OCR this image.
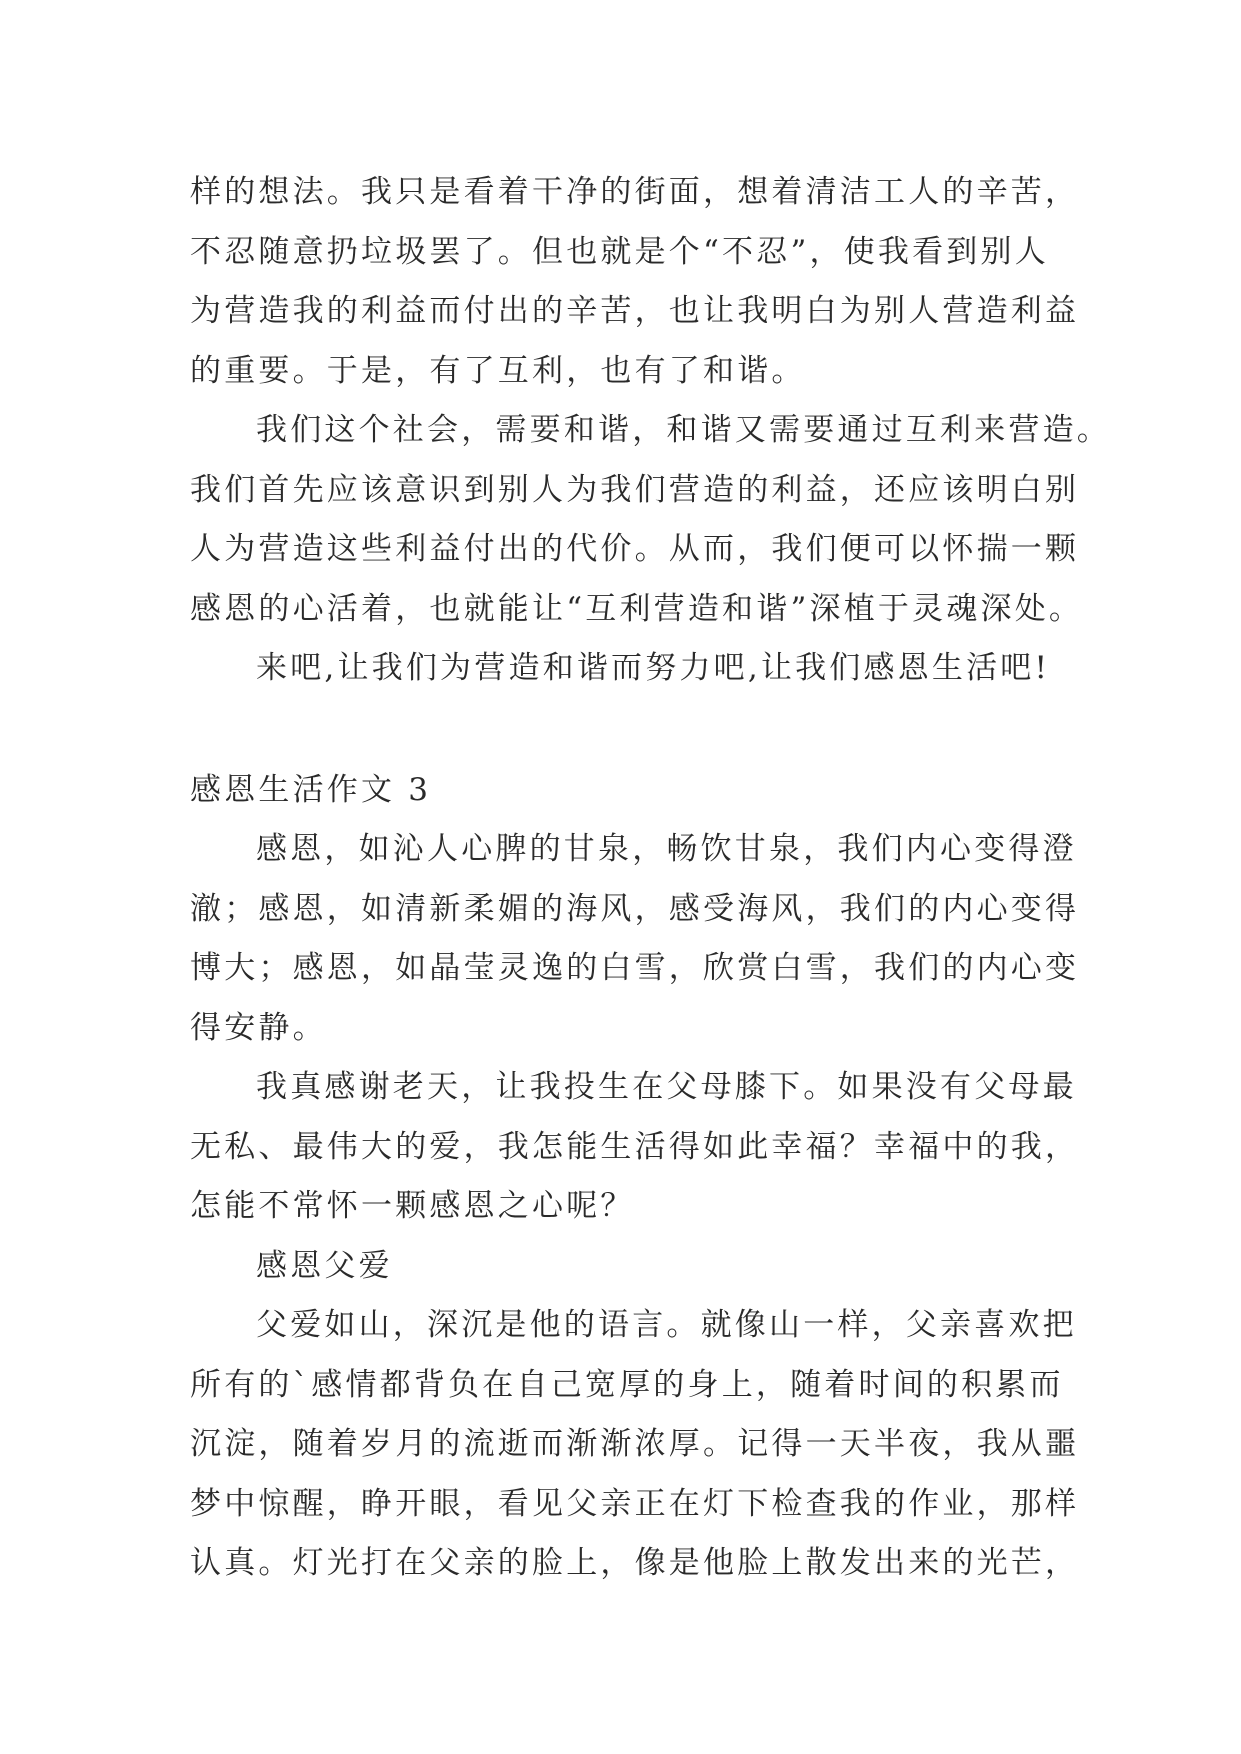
样的想法。我只是看着干净的街面，想着清洁工人的辛苦，
不忍随意扔垃圾罢了。但也就是个“不忍”，使我看到别人
为营造我的利益而付出的辛苦，也让我明白为别人营造利益
的重要。于是，有了互利，也有了和谐。
我们这个社会，需要和谐，和谐又需要通过互利来营造。
我们首先应该意识到别人为我们营造的利益，还应该明白别
人为营造这些利益付出的代价。从而，我们便可以怀揣一颗
感恩的心活着，也就能让“互利营造和谐”深植于灵魂深处。
来吧,让我们为营造和谐而努力吧,让我们感恩生活吧!
感恩生活作文 3
感恩，如沁人心脾的甘泉，畅饮甘泉，我们内心变得澄
澈；感恩，如清新柔媚的海风，感受海风，我们的内心变得
博大；感恩，如晶莹灵逸的白雪，欣赏白雪，我们的内心变
得安静。
我真感谢老天，让我投生在父母膝下。如果没有父母最
无私、最伟大的爱，我怎能生活得如此幸福？幸福中的我，
怎能不常怀一颗感恩之心呢？
感恩父爱
父爱如山，深沉是他的语言。就像山一样，父亲喜欢把
所有的`感情都背负在自己宽厚的身上，随着时间的积累而
沉淀，随着岁月的流逝而渐渐浓厚。记得一天半夜，我从噩
梦中惊醒，睁开眼，看见父亲正在灯下检查我的作业，那样
认真。灯光打在父亲的脸上，像是他脸上散发出来的光芒，
